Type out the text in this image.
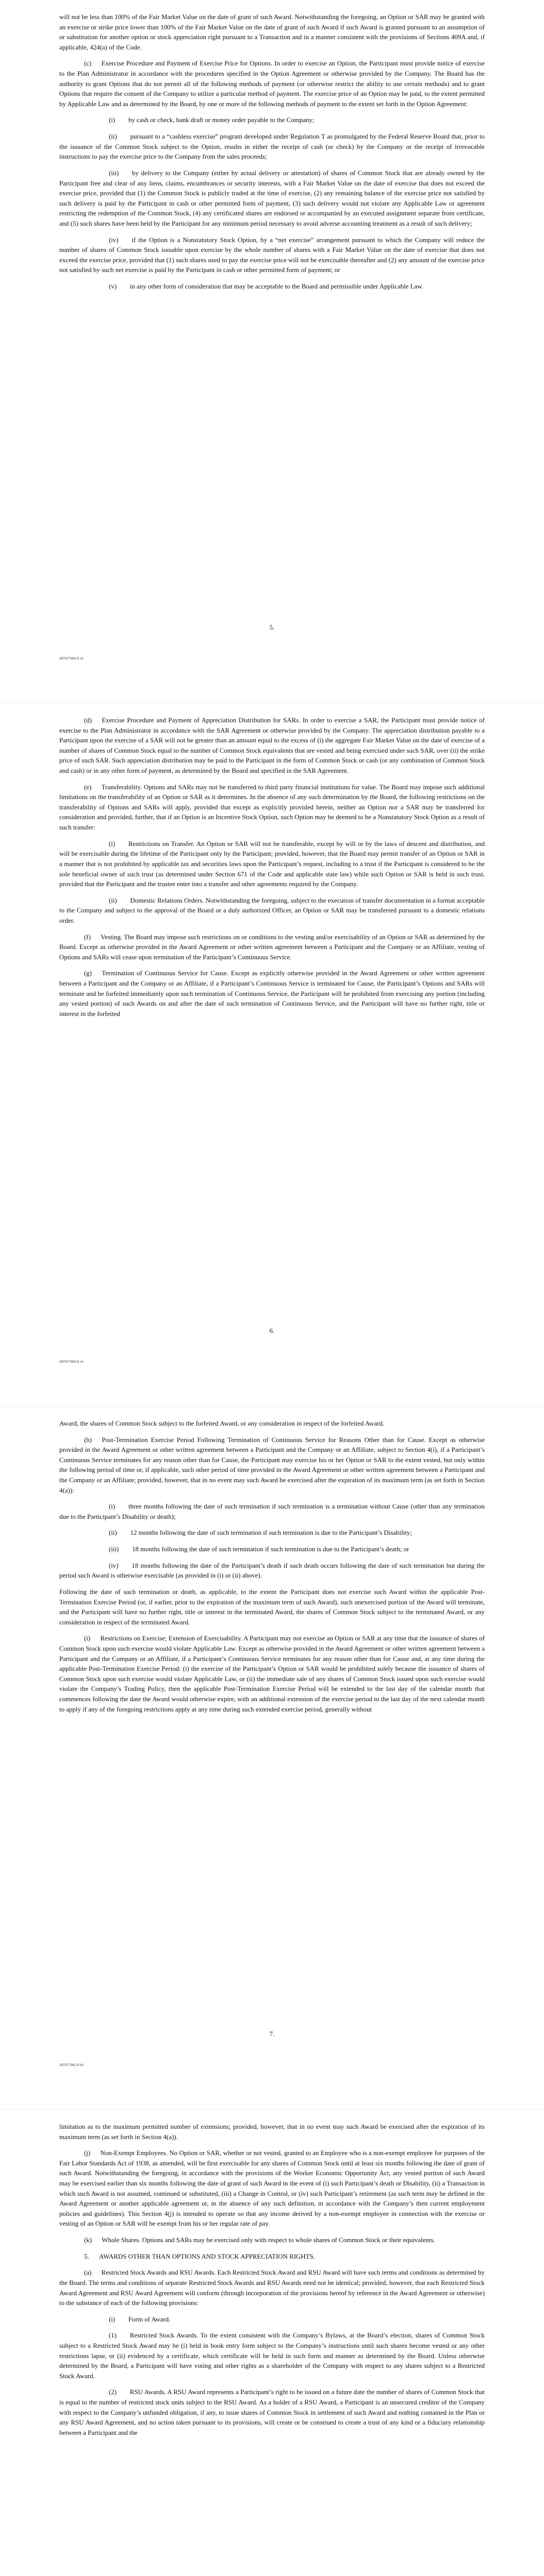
will not be less than 100% of the Fair Market Value on the date of grant of such Award. Notwithstanding the foregoing, an Option or SAR may be granted with an exercise or strike price lower than 100% of the Fair Market Value on the date of grant of such Award if such Award is granted pursuant to an assumption of or substitution for another option or stock appreciation right pursuant to a Transaction and in a manner consistent with the provisions of Sections 409A and, if applicable, 424(a) of the Code.

(c)  Exercise Procedure and Payment of Exercise Price for Options. In order to exercise an Option, the Participant must provide notice of exercise to the Plan Administrator in accordance with the procedures specified in the Option Agreement or otherwise provided by the Company. The Board has the authority to grant Options that do not permit all of the following methods of payment (or otherwise restrict the ability to use certain methods) and to grant Options that require the consent of the Company to utilize a particular method of payment. The exercise price of an Option may be paid, to the extent permitted by Applicable Law and as determined by the Board, by one or more of the following methods of payment to the extent set forth in the Option Agreement:

(i)  by cash or check, bank draft or money order payable to the Company;

(ii)  pursuant to a “cashless exercise” program developed under Regulation T as promulgated by the Federal Reserve Board that, prior to the issuance of the Common Stock subject to the Option, results in either the receipt of cash (or check) by the Company or the receipt of irrevocable instructions to pay the exercise price to the Company from the sales proceeds;

(iii)  by delivery to the Company (either by actual delivery or attestation) of shares of Common Stock that are already owned by the Participant free and clear of any liens, claims, encumbrances or security interests, with a Fair Market Value on the date of exercise that does not exceed the exercise price, provided that (1) the Common Stock is publicly traded at the time of exercise, (2) any remaining balance of the exercise price not satisfied by such delivery is paid by the Participant in cash or other permitted form of payment, (3) such delivery would not violate any Applicable Law or agreement restricting the redemption of the Common Stock, (4) any certificated shares are endorsed or accompanied by an executed assignment separate from certificate, and (5) such shares have been held by the Participant for any minimum period necessary to avoid adverse accounting treatment as a result of such delivery;

(iv)  if the Option is a Nonstatutory Stock Option, by a “net exercise” arrangement pursuant to which the Company will reduce the number of shares of Common Stock issuable upon exercise by the whole number of shares with a Fair Market Value on the date of exercise that does not exceed the exercise price, provided that (1) such shares used to pay the exercise price will not be exercisable thereafter and (2) any amount of the exercise price not satisfied by such net exercise is paid by the Participant in cash or other permitted form of payment; or

(v)  in any other form of consideration that may be acceptable to the Board and permissible under Applicable Law.

5.
297477362.8 v3

(d)  Exercise Procedure and Payment of Appreciation Distribution for SARs. In order to exercise a SAR, the Participant must provide notice of exercise to the Plan Administrator in accordance with the SAR Agreement or otherwise provided by the Company. The appreciation distribution payable to a Participant upon the exercise of a SAR will not be greater than an amount equal to the excess of (i) the aggregate Fair Market Value on the date of exercise of a number of shares of Common Stock equal to the number of Common Stock equivalents that are vested and being exercised under such SAR, over (ii) the strike price of such SAR. Such appreciation distribution may be paid to the Participant in the form of Common Stock or cash (or any combination of Common Stock and cash) or in any other form of payment, as determined by the Board and specified in the SAR Agreement.

(e)  Transferability. Options and SARs may not be transferred to third party financial institutions for value. The Board may impose such additional limitations on the transferability of an Option or SAR as it determines. In the absence of any such determination by the Board, the following restrictions on the transferability of Options and SARs will apply, provided that except as explicitly provided herein, neither an Option nor a SAR may be transferred for consideration and provided, further, that if an Option is an Incentive Stock Option, such Option may be deemed to be a Nonstatutory Stock Option as a result of such transfer:

(i)  Restrictions on Transfer. An Option or SAR will not be transferable, except by will or by the laws of descent and distribution, and will be exercisable during the lifetime of the Participant only by the Participant; provided, however, that the Board may permit transfer of an Option or SAR in a manner that is not prohibited by applicable tax and securities laws upon the Participant’s request, including to a trust if the Participant is considered to be the sole beneficial owner of such trust (as determined under Section 671 of the Code and applicable state law) while such Option or SAR is held in such trust, provided that the Participant and the trustee enter into a transfer and other agreements required by the Company.

(ii)  Domestic Relations Orders. Notwithstanding the foregoing, subject to the execution of transfer documentation in a format acceptable to the Company and subject to the approval of the Board or a duly authorized Officer, an Option or SAR may be transferred pursuant to a domestic relations order.

(f)  Vesting. The Board may impose such restrictions on or conditions to the vesting and/or exercisability of an Option or SAR as determined by the Board. Except as otherwise provided in the Award Agreement or other written agreement between a Participant and the Company or an Affiliate, vesting of Options and SARs will cease upon termination of the Participant’s Continuous Service.

(g)  Termination of Continuous Service for Cause. Except as explicitly otherwise provided in the Award Agreement or other written agreement between a Participant and the Company or an Affiliate, if a Participant’s Continuous Service is terminated for Cause, the Participant’s Options and SARs will terminate and be forfeited immediately upon such termination of Continuous Service, the Participant will be prohibited from exercising any portion (including any vested portion) of such Awards on and after the date of such termination of Continuous Service, and the Participant will have no further right, title or interest in the forfeited

6.
297477362.8 v3

Award, the shares of Common Stock subject to the forfeited Award, or any consideration in respect of the forfeited Award.

(h)  Post-Termination Exercise Period Following Termination of Continuous Service for Reasons Other than for Cause. Except as otherwise provided in the Award Agreement or other written agreement between a Participant and the Company or an Affiliate, subject to Section 4(i), if a Participant’s Continuous Service terminates for any reason other than for Cause, the Participant may exercise his or her Option or SAR to the extent vested, but only within the following period of time or, if applicable, such other period of time provided in the Award Agreement or other written agreement between a Participant and the Company or an Affiliate; provided, however, that in no event may such Award be exercised after the expiration of its maximum term (as set forth in Section 4(a)):

(i)  three months following the date of such termination if such termination is a termination without Cause (other than any termination due to the Participant’s Disability or death);

(ii)  12 months following the date of such termination if such termination is due to the Participant’s Disability;

(iii)  18 months following the date of such termination if such termination is due to the Participant’s death; or

(iv)  18 months following the date of the Participant’s death if such death occurs following the date of such termination but during the period such Award is otherwise exercisable (as provided in (i) or (ii) above).

Following the date of such termination or death, as applicable, to the extent the Participant does not exercise such Award within the applicable Post-Termination Exercise Period (or, if earlier, prior to the expiration of the maximum term of such Award), such unexercised portion of the Award will terminate, and the Participant will have no further right, title or interest in the terminated Award, the shares of Common Stock subject to the terminated Award, or any consideration in respect of the terminated Award.

(i)  Restrictions on Exercise; Extension of Exercisability. A Participant may not exercise an Option or SAR at any time that the issuance of shares of Common Stock upon such exercise would violate Applicable Law. Except as otherwise provided in the Award Agreement or other written agreement between a Participant and the Company or an Affiliate, if a Participant’s Continuous Service terminates for any reason other than for Cause and, at any time during the applicable Post-Termination Exercise Period: (i) the exercise of the Participant’s Option or SAR would be prohibited solely because the issuance of shares of Common Stock upon such exercise would violate Applicable Law, or (ii) the immediate sale of any shares of Common Stock issued upon such exercise would violate the Company’s Trading Policy, then the applicable Post-Termination Exercise Period will be extended to the last day of the calendar month that commences following the date the Award would otherwise expire, with an additional extension of the exercise period to the last day of the next calendar month to apply if any of the foregoing restrictions apply at any time during such extended exercise period, generally without

7.
297477362.8 v3

limitation as to the maximum permitted number of extensions; provided, however, that in no event may such Award be exercised after the expiration of its maximum term (as set forth in Section 4(a)).

(j)  Non-Exempt Employees. No Option or SAR, whether or not vested, granted to an Employee who is a non-exempt employee for purposes of the Fair Labor Standards Act of 1938, as amended, will be first exercisable for any shares of Common Stock until at least six months following the date of grant of such Award. Notwithstanding the foregoing, in accordance with the provisions of the Worker Economic Opportunity Act, any vested portion of such Award may be exercised earlier than six months following the date of grant of such Award in the event of (i) such Participant’s death or Disability, (ii) a Transaction in which such Award is not assumed, continued or substituted, (iii) a Change in Control, or (iv) such Participant’s retirement (as such term may be defined in the Award Agreement or another applicable agreement or, in the absence of any such definition, in accordance with the Company’s then current employment policies and guidelines). This Section 4(j) is intended to operate so that any income derived by a non-exempt employee in connection with the exercise or vesting of an Option or SAR will be exempt from his or her regular rate of pay.

(k)  Whole Shares. Options and SARs may be exercised only with respect to whole shares of Common Stock or their equivalents.

5.  AWARDS OTHER THAN OPTIONS AND STOCK APPRECIATION RIGHTS.

(a)  Restricted Stock Awards and RSU Awards. Each Restricted Stock Award and RSU Award will have such terms and conditions as determined by the Board. The terms and conditions of separate Restricted Stock Awards and RSU Awards need not be identical; provided, however, that each Restricted Stock Award Agreement and RSU Award Agreement will conform (through incorporation of the provisions hereof by reference in the Award Agreement or otherwise) to the substance of each of the following provisions:

(i)  Form of Award.

(1)  Restricted Stock Awards. To the extent consistent with the Company’s Bylaws, at the Board’s election, shares of Common Stock subject to a Restricted Stock Award may be (i) held in book entry form subject to the Company’s instructions until such shares become vested or any other restrictions lapse, or (ii) evidenced by a certificate, which certificate will be held in such form and manner as determined by the Board. Unless otherwise determined by the Board, a Participant will have voting and other rights as a shareholder of the Company with respect to any shares subject to a Restricted Stock Award.

(2)  RSU Awards. A RSU Award represents a Participant’s right to be issued on a future date the number of shares of Common Stock that is equal to the number of restricted stock units subject to the RSU Award. As a holder of a RSU Award, a Participant is an unsecured creditor of the Company with respect to the Company’s unfunded obligation, if any, to issue shares of Common Stock in settlement of such Award and nothing contained in the Plan or any RSU Award Agreement, and no action taken pursuant to its provisions, will create or be construed to create a trust of any kind or a fiduciary relationship between a Participant and the
